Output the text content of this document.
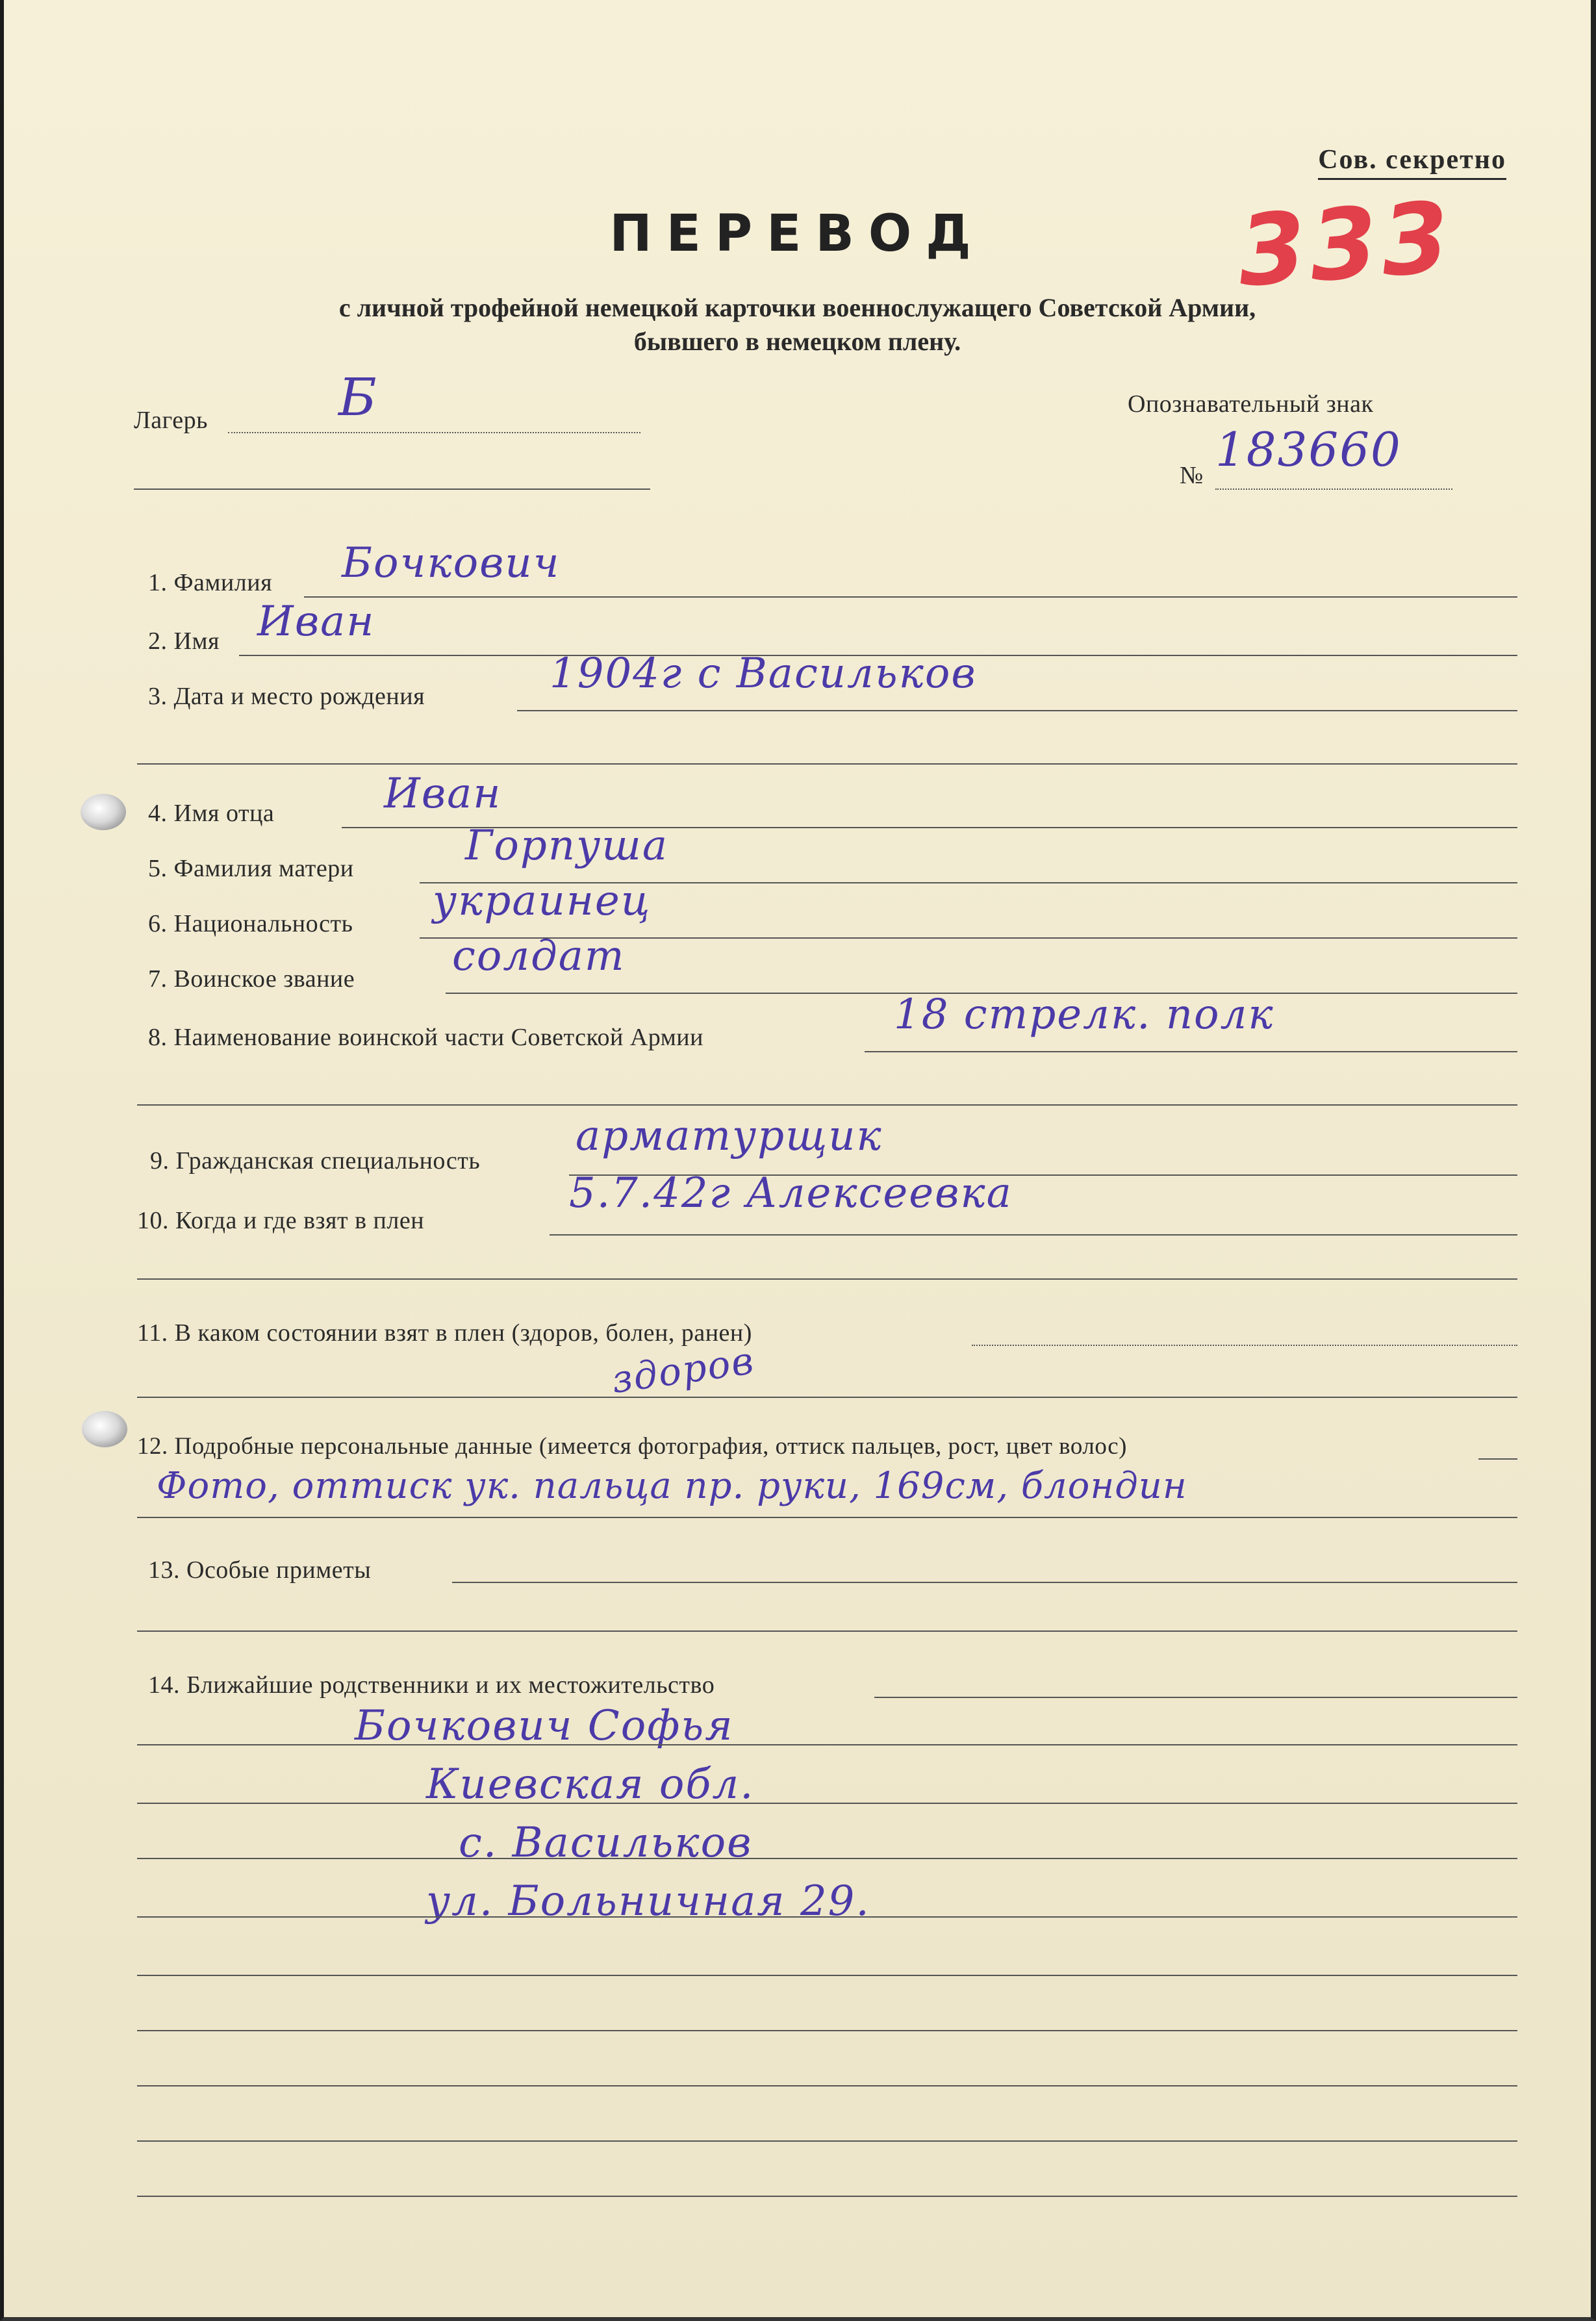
Сов. секретно
333
ПЕРЕВОД
с личной трофейной немецкой карточки военнослужащего Советской Армии,
бывшего в немецком плену.
Лагерь	Б	Опознавательный знак
№ 183660
1. Фамилия Бочкович
2. Имя Иван
3. Дата и место рождения	1904г с Васильков
4. Имя отца	Иван
5. Фамилия матери	Горпуша
6. Национальность украинец
7. Воинское звание солдат
8. Наименование воинской части Советской Армии	18 стрелк. полк
9. Гражданская специальность
арматурщик
10. Когда и где взят в плен
5.7.42г Алексеевка
11. В каком состоянии взят в плен (здоров, болен, ранен)
здоров
12. Подробные персональные данные (имеется фотография, оттиск пальцев, рост, цвет волос)
Фото, оттиск ук. пальца пр. руки, 169см, блондин
13. Особые приметы
14. Ближайшие родственники и их местожительство
Бочкович Софья
Киевская обл.
с. Васильков
ул. Больничная 29.
